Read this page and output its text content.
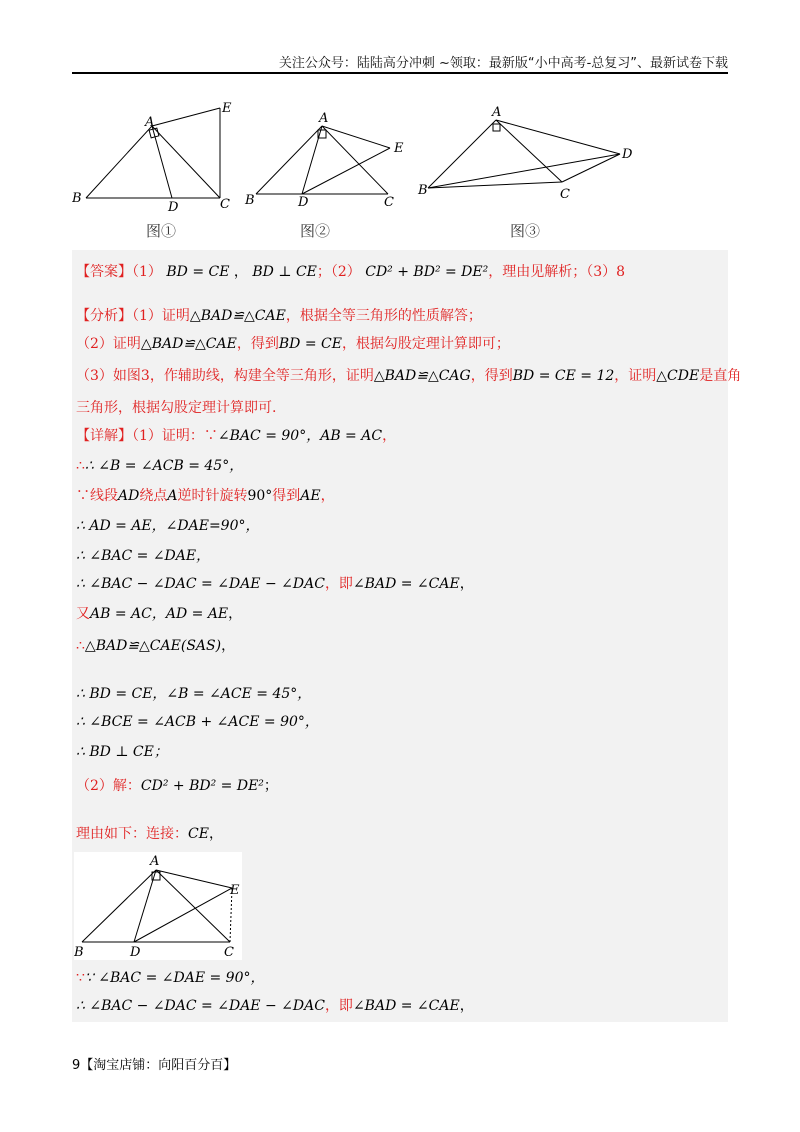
关注公众号：陆陆高分冲刺 ~领取：最新版“小中高考-总复习”、最新试卷下载
B
A
E
D	C B
A
E
D	C
A
D
B	C
图①	图②	图③
【答案】（1） BD = CE ， BD ⊥ CE；（2） CD² + BD² = DE²，理由见解析；（3）8
【分析】（1）证明△BAD≌△CAE，根据全等三角形的性质解答；
（2）证明△BAD≌△CAE，得到BD = CE，根据勾股定理计算即可；
（3）如图3，作辅助线，构建全等三角形，证明△BAD≌△CAG，得到BD = CE = 12，证明△CDE是直角
三角形，根据勾股定理计算即可.
【详解】（1）证明：∵∠BAC = 90°，AB = AC，
∴∴ ∠B = ∠ACB = 45°，
∵线段AD绕点A逆时针旋转90°得到AE，
∴ AD = AE，∠DAE=90°，
∴ ∠BAC = ∠DAE，
∴ ∠BAC − ∠DAC = ∠DAE − ∠DAC，即∠BAD = ∠CAE，
又AB = AC，AD = AE，
∴△BAD≌△CAE(SAS)，
∴ BD = CE，∠B = ∠ACE = 45°，
∴ ∠BCE = ∠ACB + ∠ACE = 90°，
∴ BD ⊥ CE；
（2）解：CD² + BD² = DE²；
理由如下：连接：CE，
A
E
B	D	C
∵∵ ∠BAC = ∠DAE = 90°，
∴ ∠BAC − ∠DAC = ∠DAE − ∠DAC，即∠BAD = ∠CAE，
9【淘宝店铺：向阳百分百】
